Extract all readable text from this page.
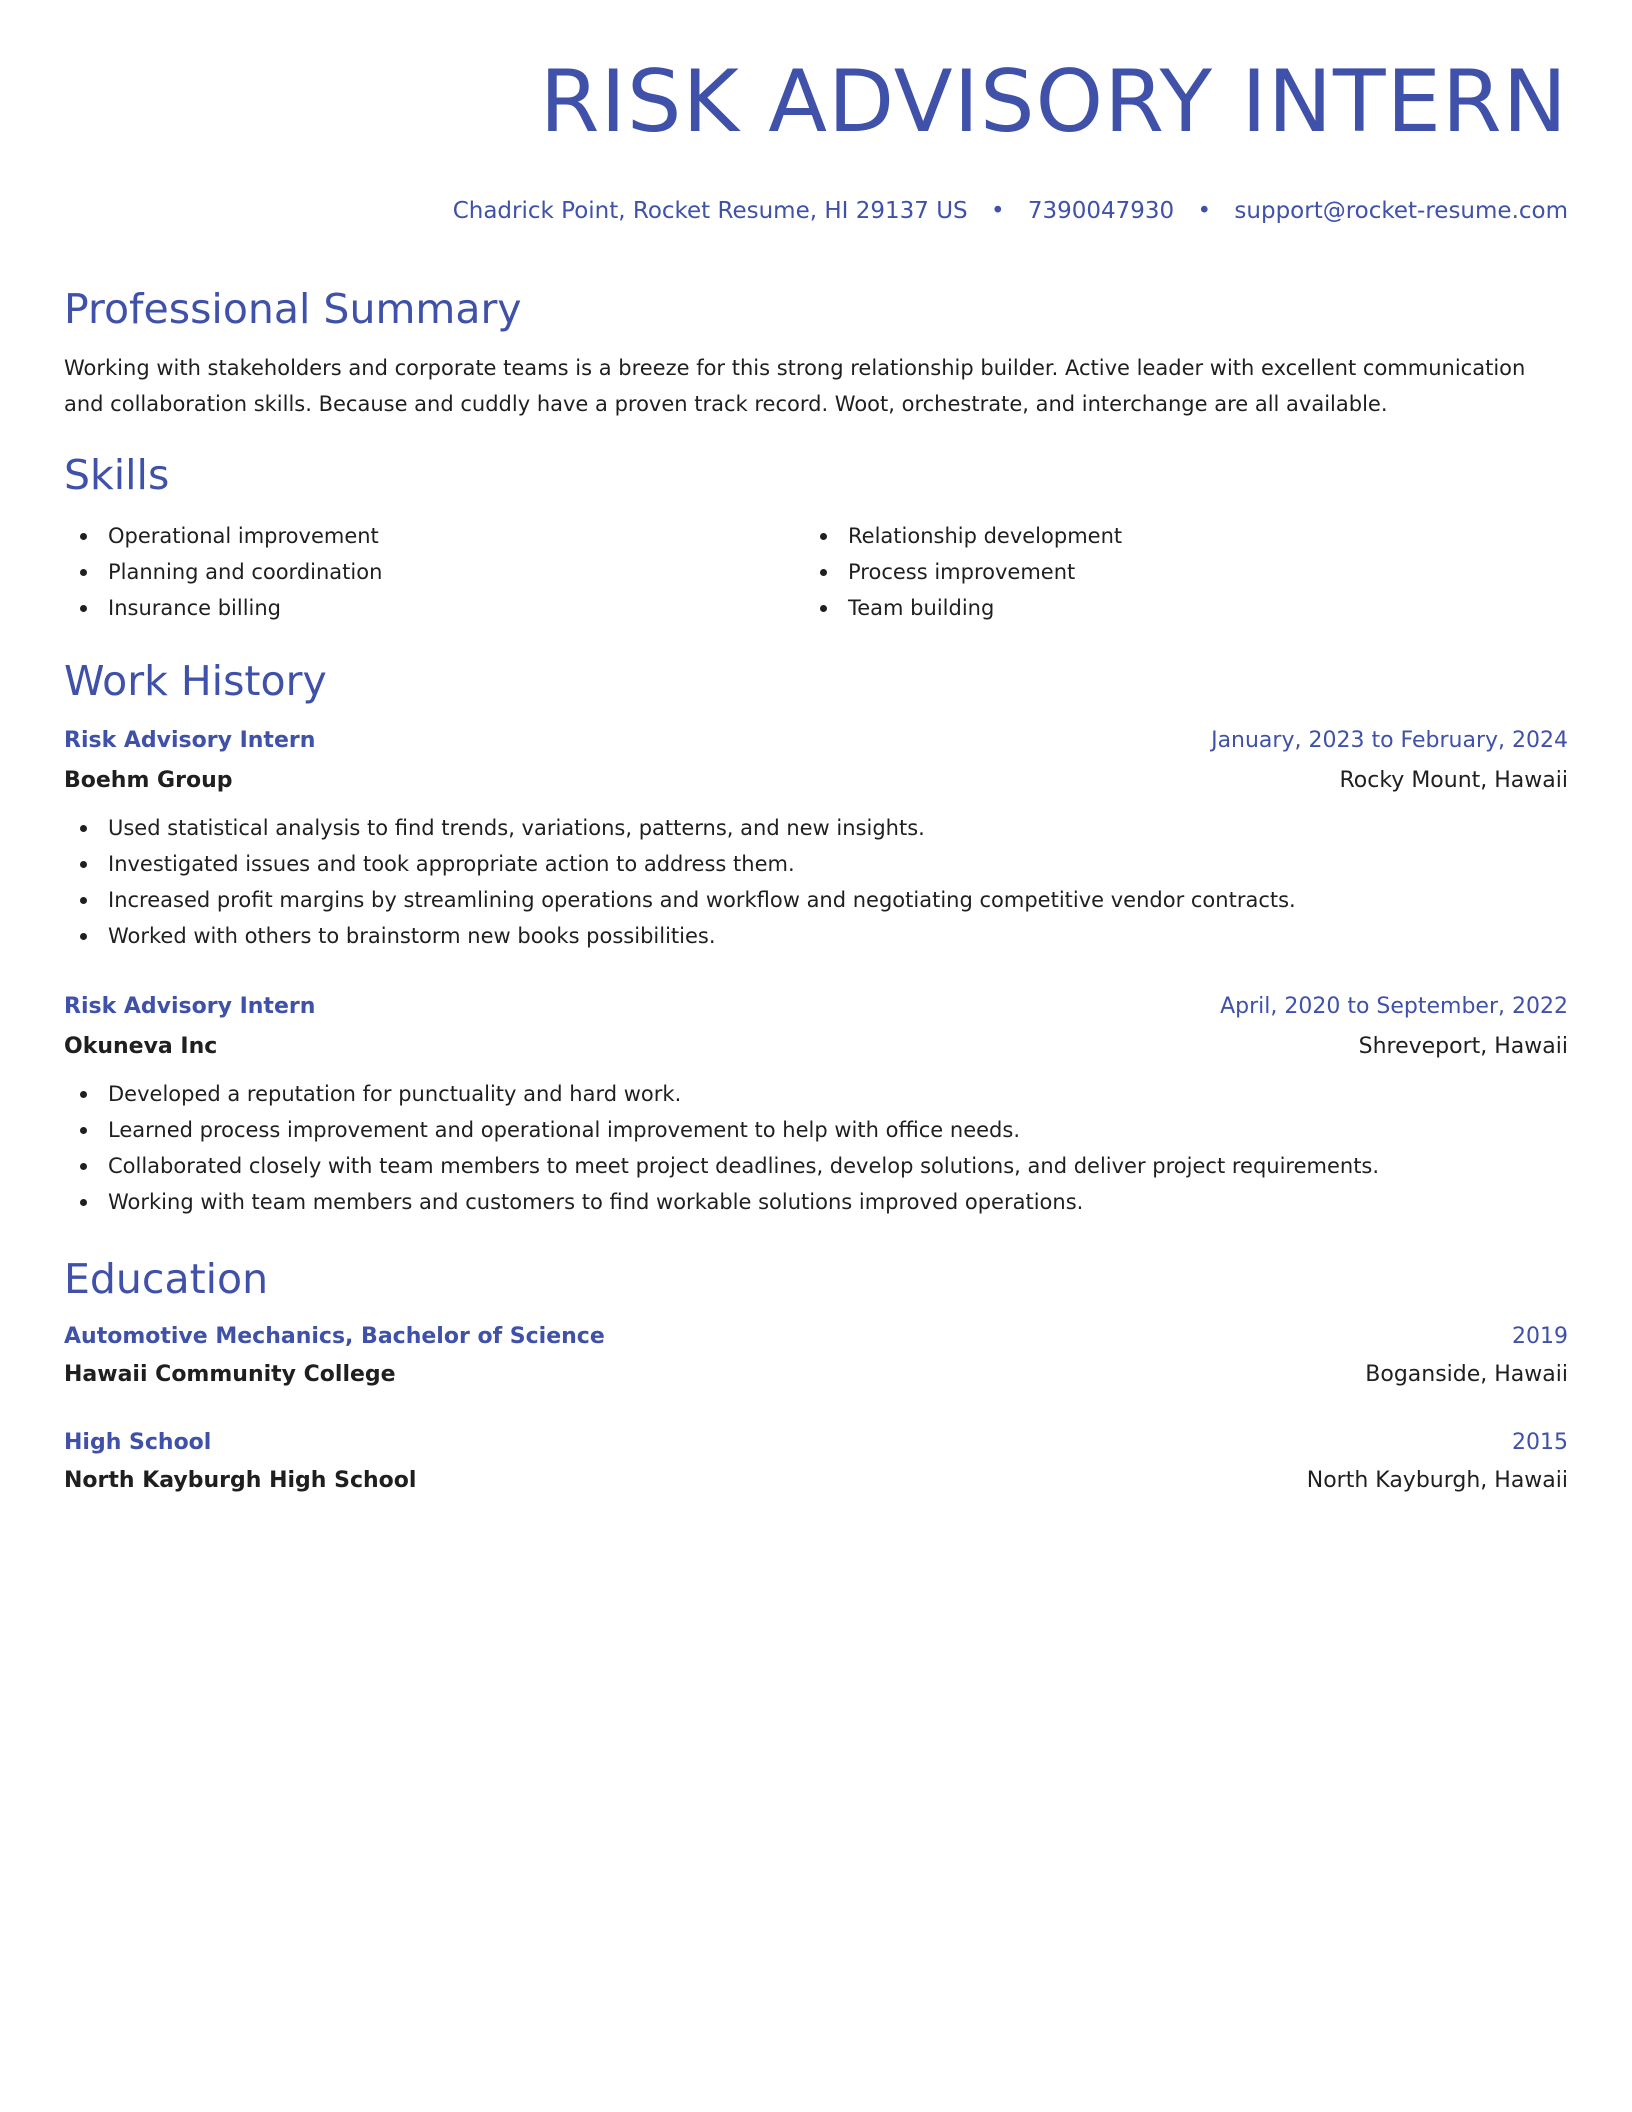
RISK ADVISORY INTERN
Chadrick Point, Rocket Resume, HI 29137 US • 7390047930 • support@rocket-resume.com
Professional Summary
Working with stakeholders and corporate teams is a breeze for this strong relationship builder. Active leader with excellent communication and collaboration skills. Because and cuddly have a proven track record. Woot, orchestrate, and interchange are all available.
Skills
Operational improvement
Planning and coordination
Insurance billing
Relationship development
Process improvement
Team building
Work History
Risk Advisory Intern	January, 2023 to February, 2024
Boehm Group	Rocky Mount, Hawaii
Used statistical analysis to find trends, variations, patterns, and new insights.
Investigated issues and took appropriate action to address them.
Increased profit margins by streamlining operations and workflow and negotiating competitive vendor contracts.
Worked with others to brainstorm new books possibilities.
Risk Advisory Intern	April, 2020 to September, 2022
Okuneva Inc	Shreveport, Hawaii
Developed a reputation for punctuality and hard work.
Learned process improvement and operational improvement to help with office needs.
Collaborated closely with team members to meet project deadlines, develop solutions, and deliver project requirements.
Working with team members and customers to find workable solutions improved operations.
Education
Automotive Mechanics, Bachelor of Science	2019
Hawaii Community College	Boganside, Hawaii
High School	2015
North Kayburgh High School	North Kayburgh, Hawaii
